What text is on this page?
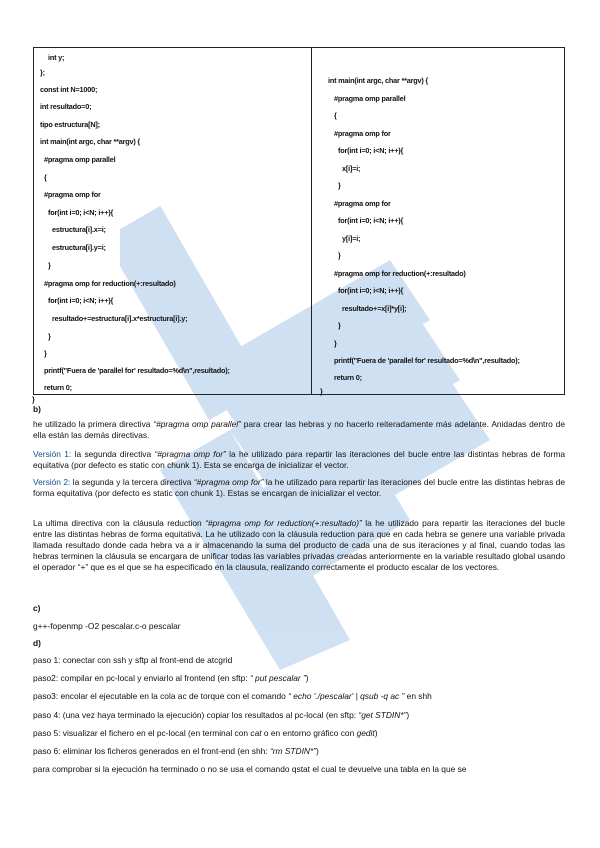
int y;
};
const int N=1000;
int resultado=0;
tipo estructura[N];
int main(int argc, char **argv) {
#pragma omp parallel
{
#pragma omp for
for(int i=0; i<N; i++){
estructura[i].x=i;
estructura[i].y=i;
}
#pragma omp for reduction(+:resultado)
for(int i=0; i<N; i++){
resultado+=estructura[i].x*estructura[i].y;
}
}
printf("Fuera de 'parallel for' resultado=%d\n",resultado);
return 0;
}
int main(int argc, char **argv) {
#pragma omp parallel
{
#pragma omp for
for(int i=0; i<N; i++){
x[i]=i;
}
#pragma omp for
for(int i=0; i<N; i++){
y[i]=i;
}
#pragma omp for reduction(+:resultado)
for(int i=0; i<N; i++){
resultado+=x[i]*y[i];
}
}
printf("Fuera de 'parallel for' resultado=%d\n",resultado);
return 0;
}
b)
he utilizado la primera directiva “#pragma omp parallel” para crear las hebras y no hacerlo reiteradamente más adelante. Anidadas dentro de ella están las demás directivas.
Versión 1: la segunda directiva “#pragma omp for” la he utilizado para repartir las iteraciones del bucle entre las distintas hebras de forma equitativa (por defecto es static con chunk 1). Esta se encarga de inicializar el vector.
Versión 2: la segunda y la tercera directiva “#pragma omp for” la he utilizado para repartir las iteraciones del bucle entre las distintas hebras de forma equitativa (por defecto es static con chunk 1). Estas se encargan de inicializar el vector.
La ultima directiva con la cláusula reduction “#pragma omp for reduction(+:resultado)” la he utilizado para repartir las iteraciones del bucle entre las distintas hebras de forma equitativa. La he utilizado con la cláusula reduction para que en cada hebra se genere una variable privada llamada resultado donde cada hebra va a ir almacenando la suma del producto de cada una de sus iteraciones y al final, cuando todas las hebras terminen la cláusula se encargara de unificar todas las variables privadas creadas anteriormente en la variable resultado global usando el operador “+” que es el que se ha especificado en la clausula, realizando correctamente el producto escalar de los vectores.
c)
g++-fopenmp -O2 pescalar.c-o pescalar
d)
paso 1: conectar con ssh y sftp al front-end de atcgrid
paso2: compilar en pc-local y enviarlo al frontend (en sftp: “ put pescalar ”)
paso3: encolar el ejecutable en la cola ac de torque con el comando “ echo './pescalar' | qsub -q ac ” en shh
paso 4: (una vez haya terminado la ejecución) copiar los resultados al pc-local (en sftp: “get STDIN*”)
paso 5: visualizar el fichero en el pc-local (en terminal con cat o en entorno gráfico con gedit)
paso 6: eliminar los ficheros generados en el front-end (en shh: “rm STDIN*”)
para comprobar si la ejecución ha terminado o no se usa el comando qstat el cual te devuelve una tabla en la que se
